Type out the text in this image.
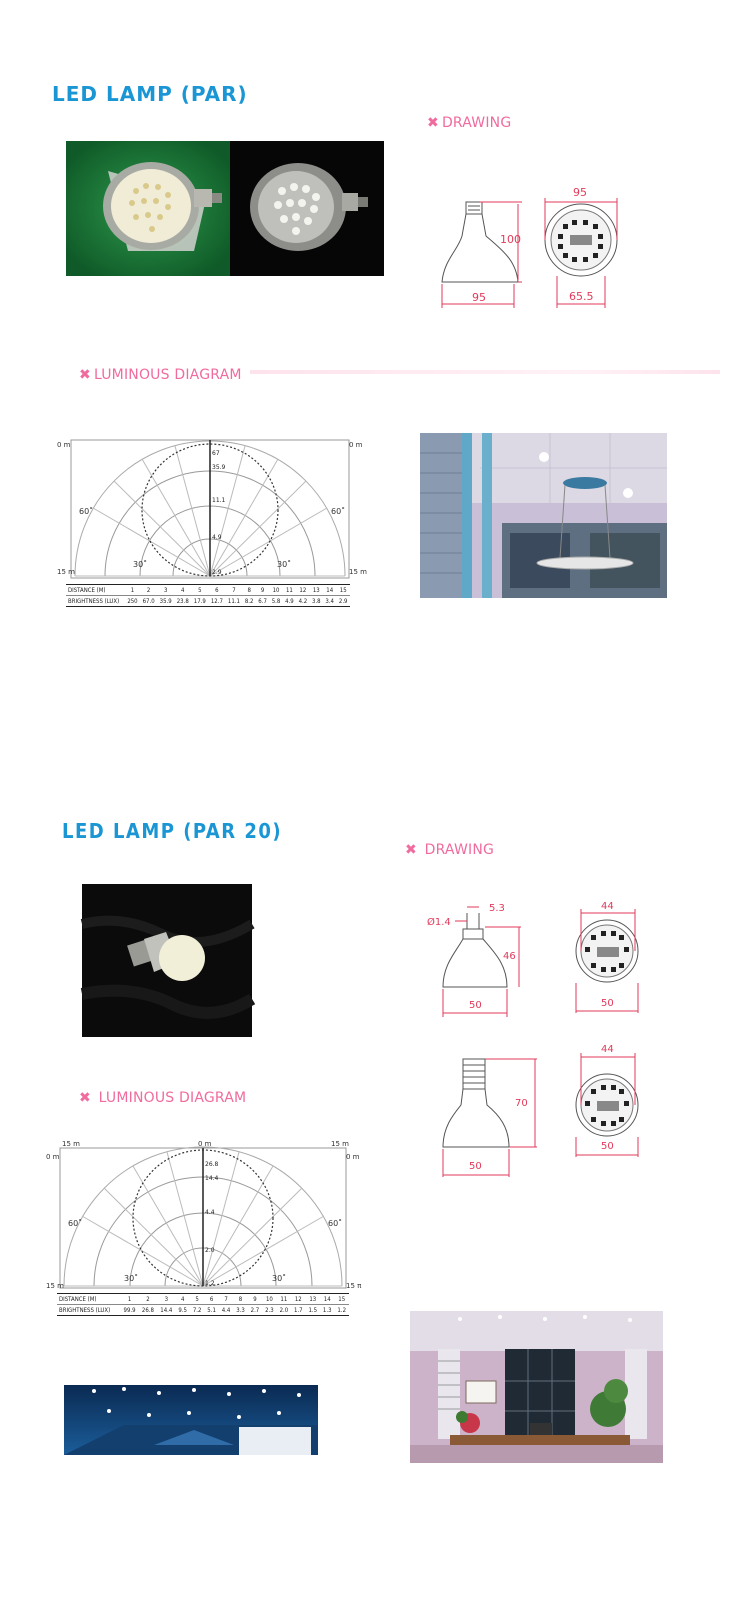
LED LAMP (PAR)
✖ DRAWING
100
95
95
65.5
✖ LUMINOUS DIAGRAM
0 m	0 m
15 m	15 m
60˚	60˚
30˚	30˚
67
35.9
11.1
4.9
2.9
DISTANCE (M)	1	2	3	4	5	6	7	8	9	10	11	12	13	14	15
BRIGHTNESS (LUX)	250	67.0	35.9	23.8	17.9	12.7	11.1	8.2	6.7	5.8	4.9	4.2	3.8	3.4	2.9
LED LAMP (PAR 20)
✖ DRAWING
Ø1.4
5.3
46
50
44
50
70
50
44
50
✖ LUMINOUS DIAGRAM
15 m	0 m	15 m
0 m	0 m
15 m	15 π
60˚	60˚
30˚	30˚
26.8
14.4
4.4
2.0
1.2
DISTANCE (M)	1	2	3	4	5	6	7	8	9	10	11	12	13	14	15
BRIGHTNESS (LUX)	99.9	26.8	14.4	9.5	7.2	5.1	4.4	3.3	2.7	2.3	2.0	1.7	1.5	1.3	1.2
